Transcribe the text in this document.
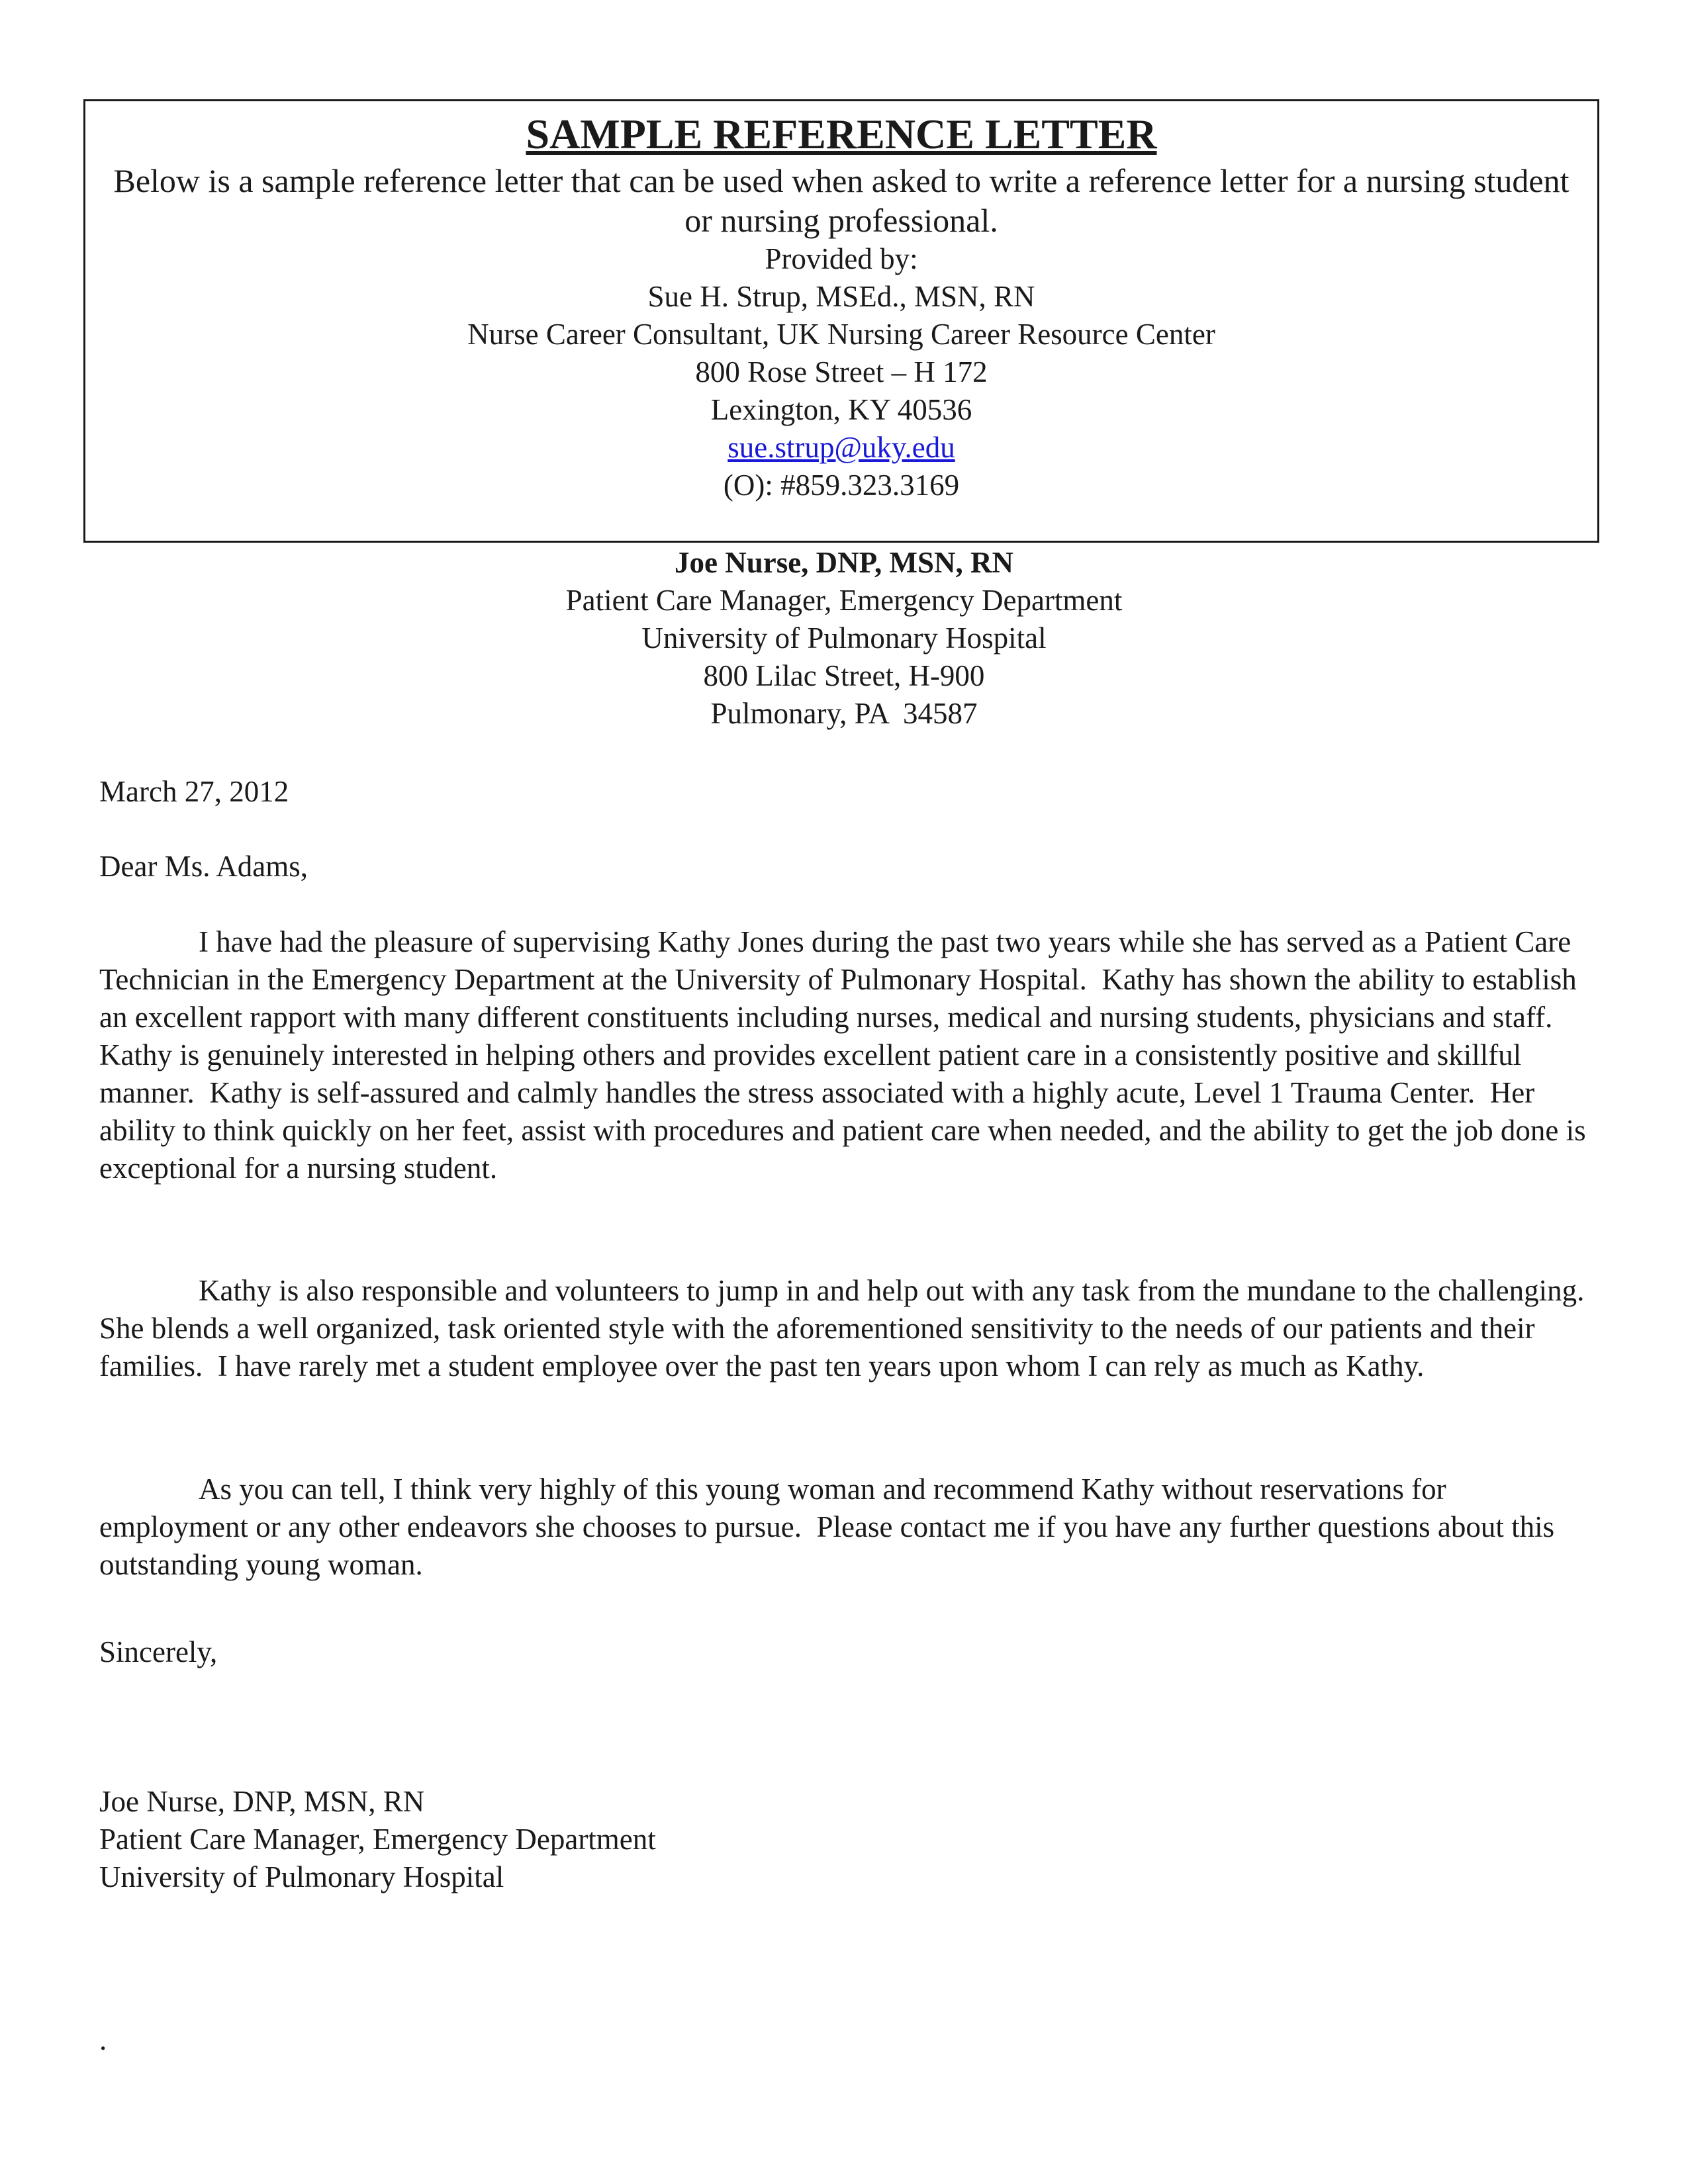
SAMPLE REFERENCE LETTER
Below is a sample reference letter that can be used when asked to write a reference letter for a nursing student or nursing professional.
Provided by:
Sue H. Strup, MSEd., MSN, RN
Nurse Career Consultant, UK Nursing Career Resource Center
800 Rose Street – H 172
Lexington, KY 40536
sue.strup@uky.edu
(O): #859.323.3169
Joe Nurse, DNP, MSN, RN
Patient Care Manager, Emergency Department
University of Pulmonary Hospital
800 Lilac Street, H-900
Pulmonary, PA  34587
March 27, 2012
Dear Ms. Adams,

I have had the pleasure of supervising Kathy Jones during the past two years while she has served as a Patient Care Technician in the Emergency Department at the University of Pulmonary Hospital.  Kathy has shown the ability to establish an excellent rapport with many different constituents including nurses, medical and nursing students, physicians and staff. Kathy is genuinely interested in helping others and provides excellent patient care in a consistently positive and skillful manner.  Kathy is self-assured and calmly handles the stress associated with a highly acute, Level 1 Trauma Center.  Her ability to think quickly on her feet, assist with procedures and patient care when needed, and the ability to get the job done is exceptional for a nursing student.

Kathy is also responsible and volunteers to jump in and help out with any task from the mundane to the challenging. She blends a well organized, task oriented style with the aforementioned sensitivity to the needs of our patients and their families.  I have rarely met a student employee over the past ten years upon whom I can rely as much as Kathy.

As you can tell, I think very highly of this young woman and recommend Kathy without reservations for employment or any other endeavors she chooses to pursue.  Please contact me if you have any further questions about this outstanding young woman.

Sincerely,
Joe Nurse, DNP, MSN, RN
Patient Care Manager, Emergency Department
University of Pulmonary Hospital
.
